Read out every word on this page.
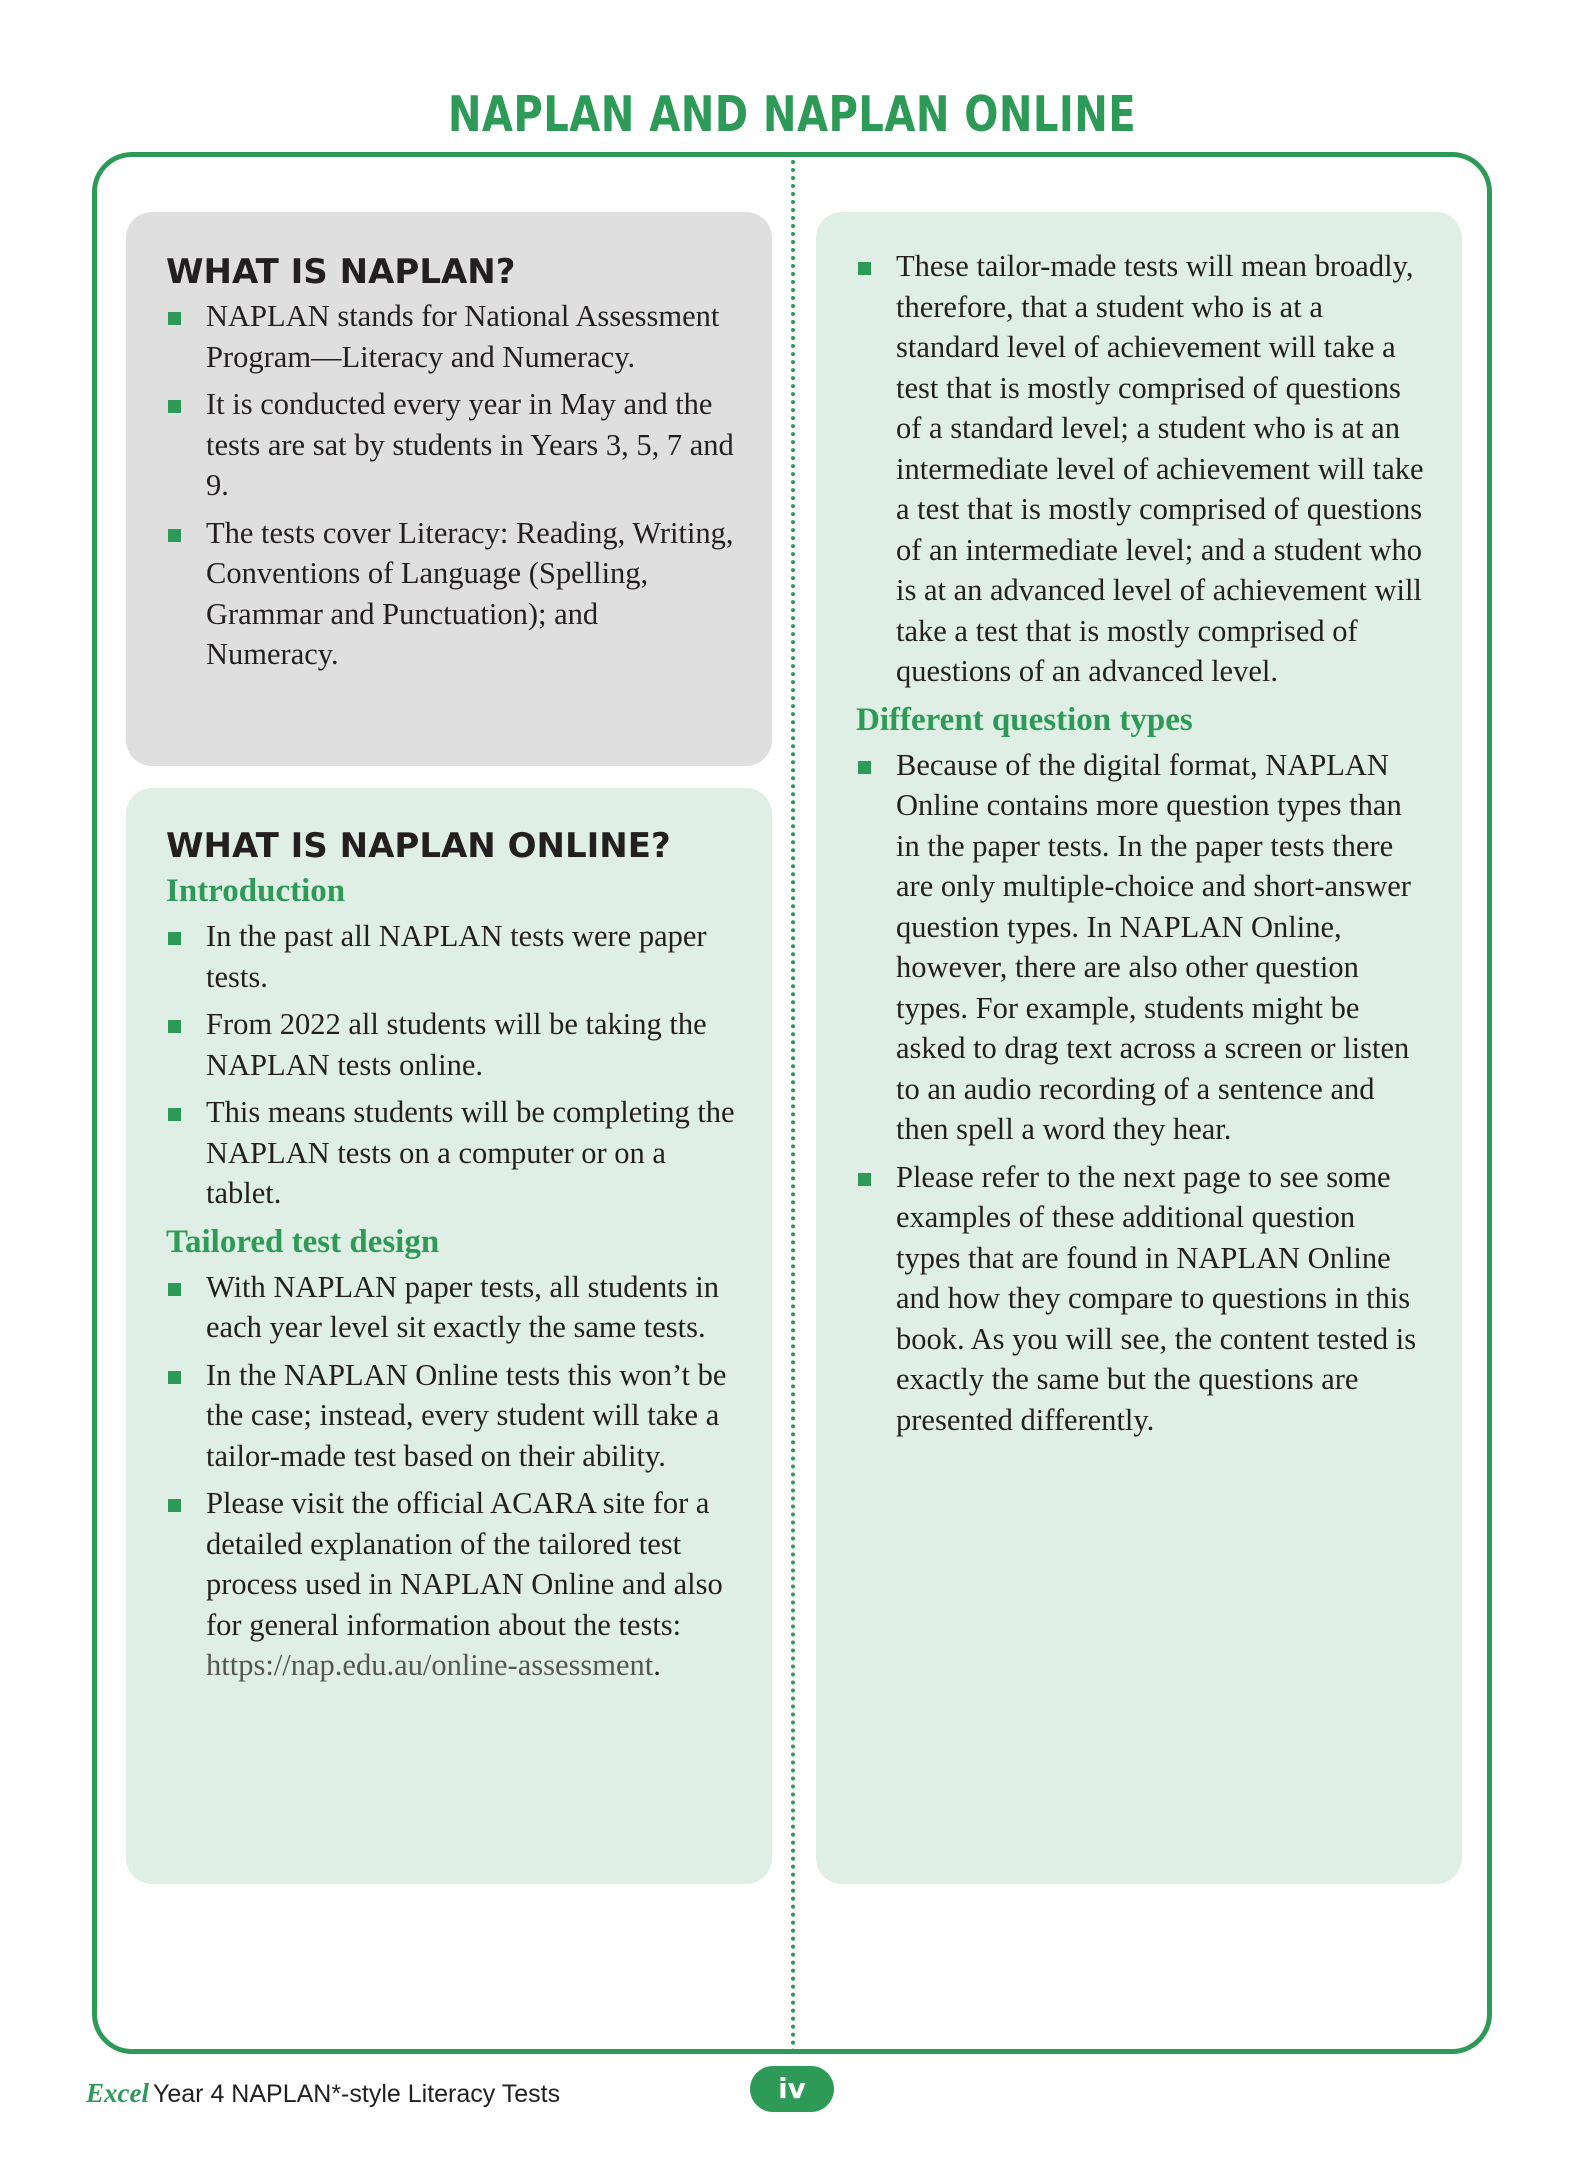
NAPLAN AND NAPLAN ONLINE
WHAT IS NAPLAN?
NAPLAN stands for National Assessment Program—Literacy and Numeracy.
It is conducted every year in May and the tests are sat by students in Years 3, 5, 7 and 9.
The tests cover Literacy: Reading, Writing, Conventions of Language (Spelling, Grammar and Punctuation); and Numeracy.
WHAT IS NAPLAN ONLINE?
Introduction
In the past all NAPLAN tests were paper tests.
From 2022 all students will be taking the NAPLAN tests online.
This means students will be completing the NAPLAN tests on a computer or on a tablet.
Tailored test design
With NAPLAN paper tests, all students in each year level sit exactly the same tests.
In the NAPLAN Online tests this won’t be the case; instead, every student will take a tailor-made test based on their ability.
Please visit the official ACARA site for a detailed explanation of the tailored test process used in NAPLAN Online and also for general information about the tests: https://nap.edu.au/online-assessment.
These tailor-made tests will mean broadly, therefore, that a student who is at a standard level of achievement will take a test that is mostly comprised of questions of a standard level; a student who is at an intermediate level of achievement will take a test that is mostly comprised of questions of an intermediate level; and a student who is at an advanced level of achievement will take a test that is mostly comprised of questions of an advanced level.
Different question types
Because of the digital format, NAPLAN Online contains more question types than in the paper tests. In the paper tests there are only multiple-choice and short-answer question types. In NAPLAN Online, however, there are also other question types. For example, students might be asked to drag text across a screen or listen to an audio recording of a sentence and then spell a word they hear.
Please refer to the next page to see some examples of these additional question types that are found in NAPLAN Online and how they compare to questions in this book. As you will see, the content tested is exactly the same but the questions are presented differently.
Excel Year 4 NAPLAN*-style Literacy Tests	iv
